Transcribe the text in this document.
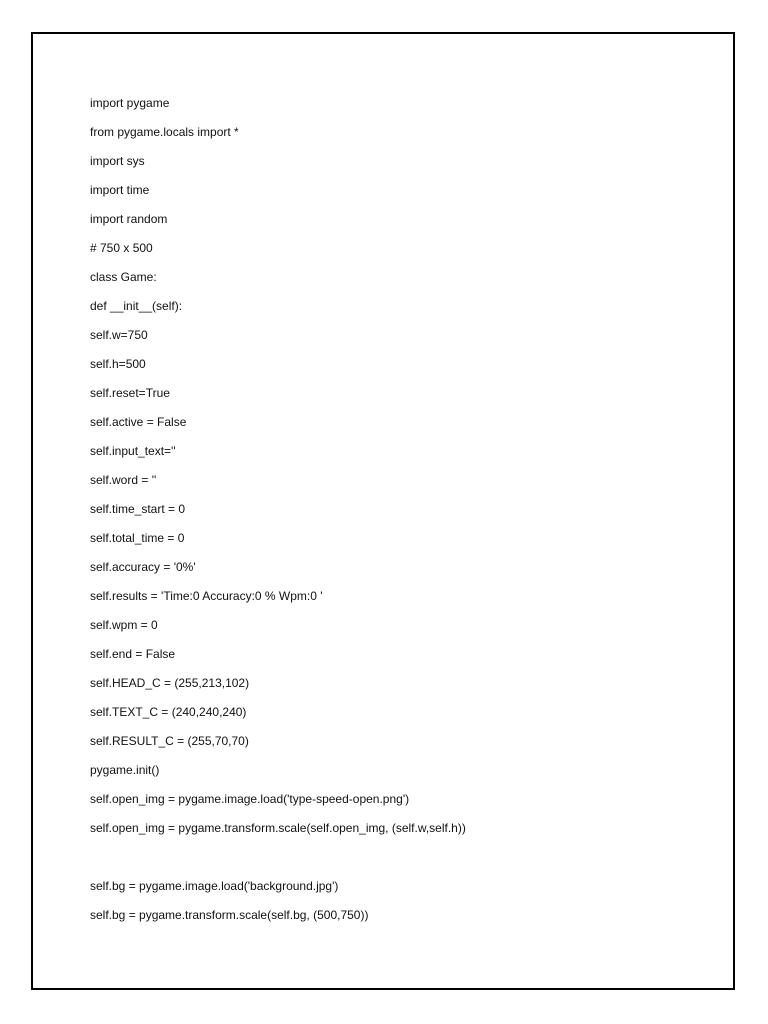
import pygame
from pygame.locals import *
import sys
import time
import random
# 750 x 500
class Game:
def __init__(self):
self.w=750
self.h=500
self.reset=True
self.active = False
self.input_text=''
self.word = ''
self.time_start = 0
self.total_time = 0
self.accuracy = '0%'
self.results = 'Time:0 Accuracy:0 % Wpm:0 '
self.wpm = 0
self.end = False
self.HEAD_C = (255,213,102)
self.TEXT_C = (240,240,240)
self.RESULT_C = (255,70,70)
pygame.init()
self.open_img = pygame.image.load('type-speed-open.png')
self.open_img = pygame.transform.scale(self.open_img, (self.w,self.h))
self.bg = pygame.image.load('background.jpg')
self.bg = pygame.transform.scale(self.bg, (500,750))
